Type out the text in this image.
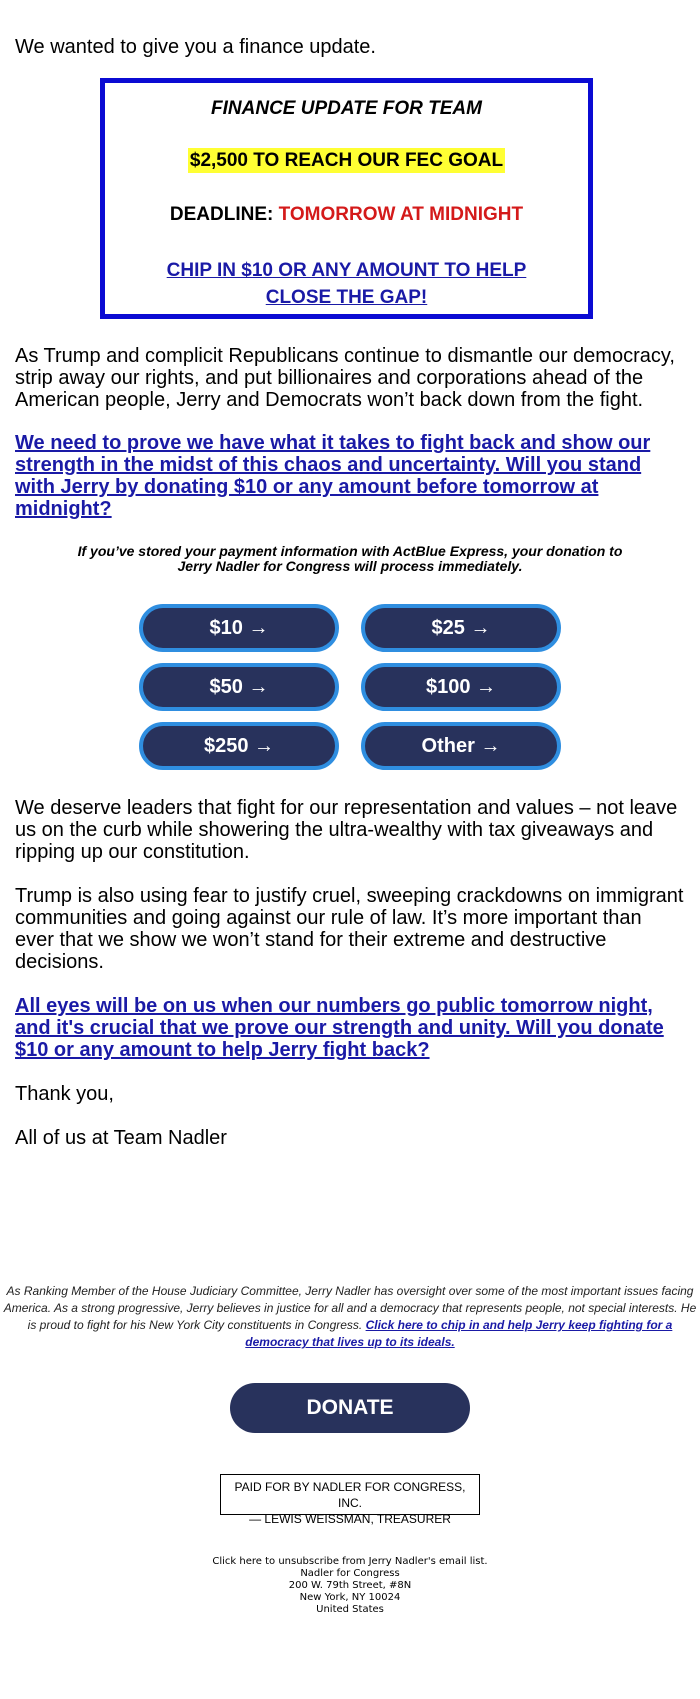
We wanted to give you a finance update.

FINANCE UPDATE FOR TEAM
$2,500 TO REACH OUR FEC GOAL
DEADLINE: TOMORROW AT MIDNIGHT
CHIP IN $10 OR ANY AMOUNT TO HELP CLOSE THE GAP!

As Trump and complicit Republicans continue to dismantle our democracy, strip away our rights, and put billionaires and corporations ahead of the American people, Jerry and Democrats won’t back down from the fight.

We need to prove we have what it takes to fight back and show our strength in the midst of this chaos and uncertainty. Will you stand with Jerry by donating $10 or any amount before tomorrow at midnight?

If you’ve stored your payment information with ActBlue Express, your donation to Jerry Nadler for Congress will process immediately.
$10 →	$25 →
$50 →	$100 →
$250 →	Other →

We deserve leaders that fight for our representation and values – not leave us on the curb while showering the ultra-wealthy with tax giveaways and ripping up our constitution.

Trump is also using fear to justify cruel, sweeping crackdowns on immigrant communities and going against our rule of law. It’s more important than ever that we show we won’t stand for their extreme and destructive decisions.

All eyes will be on us when our numbers go public tomorrow night, and it's crucial that we prove our strength and unity. Will you donate $10 or any amount to help Jerry fight back?

Thank you,

All of us at Team Nadler

As Ranking Member of the House Judiciary Committee, Jerry Nadler has oversight over some of the most important issues facing America. As a strong progressive, Jerry believes in justice for all and a democracy that represents people, not special interests. He is proud to fight for his New York City constituents in Congress. Click here to chip in and help Jerry keep fighting for a democracy that lives up to its ideals.
DONATE
PAID FOR BY NADLER FOR CONGRESS, INC.
— LEWIS WEISSMAN, TREASURER
Click here to unsubscribe from Jerry Nadler's email list.
Nadler for Congress
200 W. 79th Street, #8N
New York, NY 10024
United States
